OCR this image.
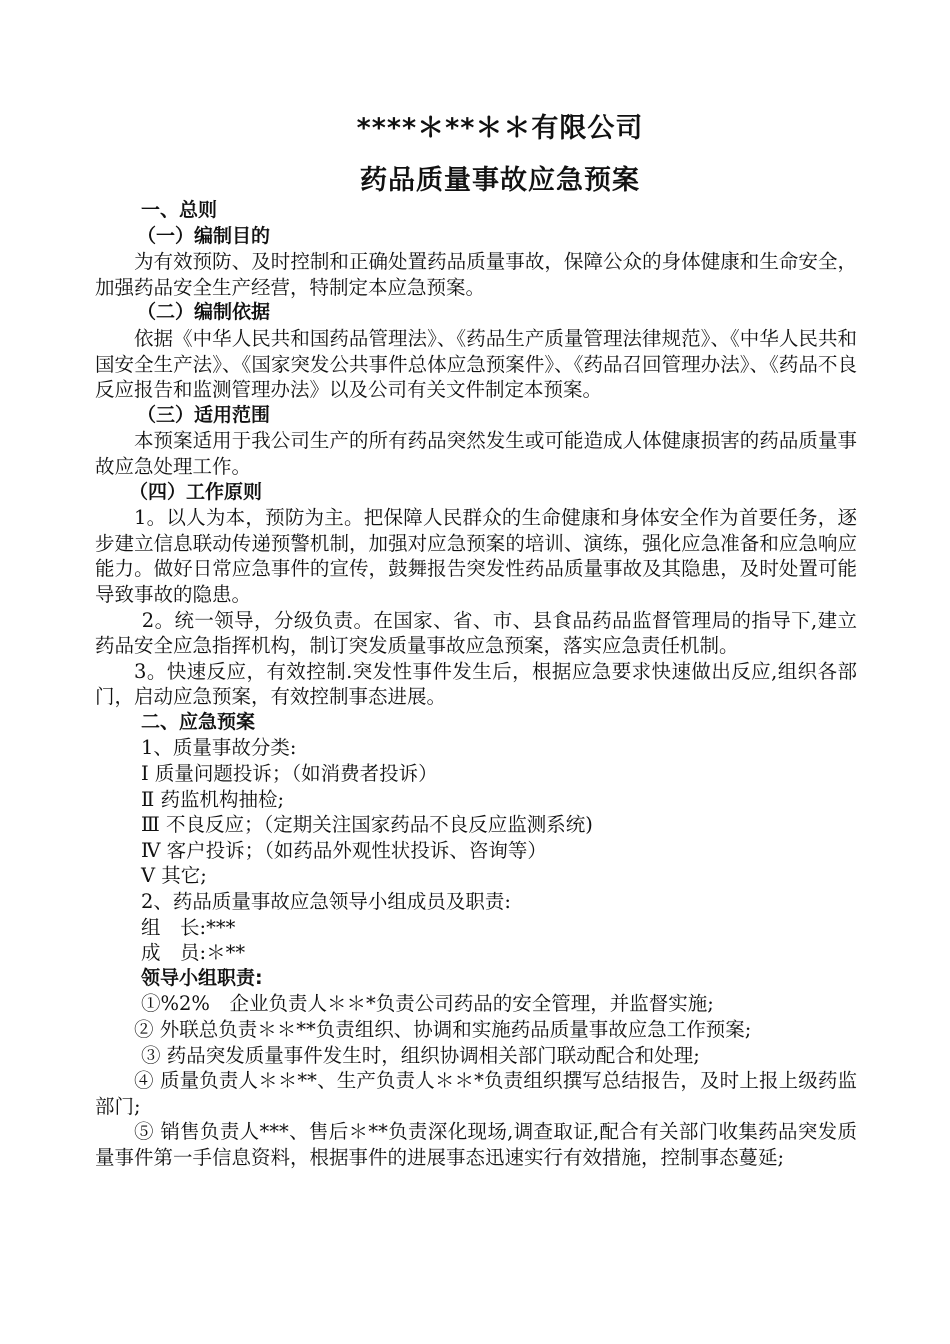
****＊**＊＊有限公司
药品质量事故应急预案

一、总则

（一）编制目的

为有效预防、及时控制和正确处置药品质量事故，保障公众的身体健康和生命安全，加强药品安全生产经营，特制定本应急预案。

（二）编制依据

依据《中华人民共和国药品管理法》、《药品生产质量管理法律规范》、《中华人民共和国安全生产法》、《国家突发公共事件总体应急预案件》、《药品召回管理办法》、《药品不良反应报告和监测管理办法》以及公司有关文件制定本预案。

（三）适用范围

本预案适用于我公司生产的所有药品突然发生或可能造成人体健康损害的药品质量事故应急处理工作。

（四）工作原则

1。以人为本，预防为主。把保障人民群众的生命健康和身体安全作为首要任务，逐步建立信息联动传递预警机制，加强对应急预案的培训、演练，强化应急准备和应急响应能力。做好日常应急事件的宣传，鼓舞报告突发性药品质量事故及其隐患，及时处置可能导致事故的隐患。

2。统一领导，分级负责。在国家、省、市、县食品药品监督管理局的指导下,建立药品安全应急指挥机构，制订突发质量事故应急预案，落实应急责任机制。

3。快速反应，有效控制.突发性事件发生后，根据应急要求快速做出反应,组织各部门，启动应急预案，有效控制事态进展。

二、应急预案

1、质量事故分类:

Ⅰ 质量问题投诉；（如消费者投诉）

Ⅱ 药监机构抽检;

Ⅲ 不良反应；（定期关注国家药品不良反应监测系统)

Ⅳ 客户投诉；（如药品外观性状投诉、咨询等）

Ⅴ 其它;

2、药品质量事故应急领导小组成员及职责:

组　长:***

成　员:＊**

领导小组职责:

①%2%　企业负责人＊＊*负责公司药品的安全管理，并监督实施;

② 外联总负责＊＊**负责组织、协调和实施药品质量事故应急工作预案;

③ 药品突发质量事件发生时，组织协调相关部门联动配合和处理;

④ 质量负责人＊＊**、生产负责人＊＊*负责组织撰写总结报告，及时上报上级药监部门;

⑤ 销售负责人***、售后＊**负责深化现场,调查取证,配合有关部门收集药品突发质量事件第一手信息资料，根据事件的进展事态迅速实行有效措施，控制事态蔓延;
